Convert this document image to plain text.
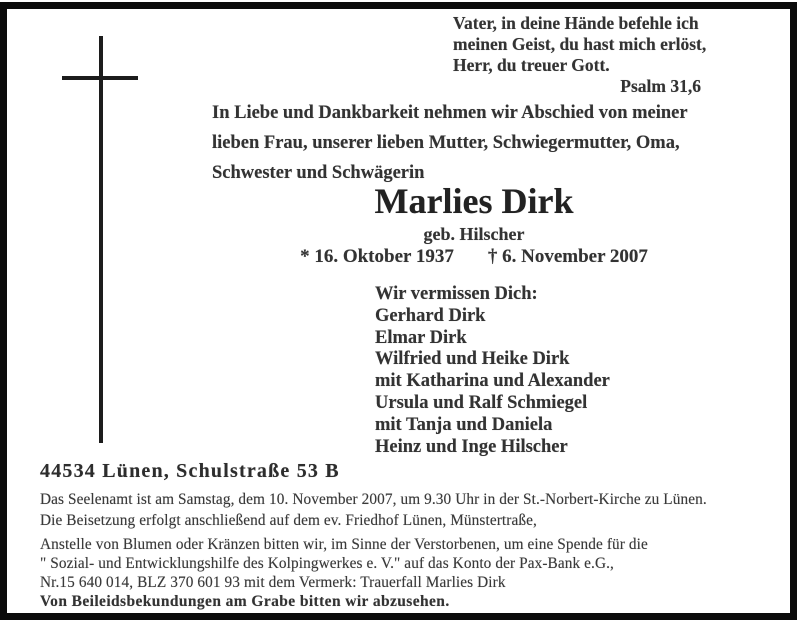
Vater, in deine Hände befehle ich
meinen Geist, du hast mich erlöst,
Herr, du treuer Gott.
Psalm 31,6
In Liebe und Dankbarkeit nehmen wir Abschied von meiner
lieben Frau, unserer lieben Mutter, Schwiegermutter, Oma,
Schwester und Schwägerin
Marlies Dirk
geb. Hilscher
* 16. Oktober 1937 † 6. November 2007
Wir vermissen Dich:
Gerhard Dirk
Elmar Dirk
Wilfried und Heike Dirk
mit Katharina und Alexander
Ursula und Ralf Schmiegel
mit Tanja und Daniela
Heinz und Inge Hilscher
44534 Lünen, Schulstraße 53 B
Das Seelenamt ist am Samstag, dem 10. November 2007, um 9.30 Uhr in der St.-Norbert-Kirche zu Lünen.
Die Beisetzung erfolgt anschließend auf dem ev. Friedhof Lünen, Münstertraße,
Anstelle von Blumen oder Kränzen bitten wir, im Sinne der Verstorbenen, um eine Spende für die
" Sozial- und Entwicklungshilfe des Kolpingwerkes e. V." auf das Konto der Pax-Bank e.G.,
Nr.15 640 014, BLZ 370 601 93 mit dem Vermerk: Trauerfall Marlies Dirk
Von Beileidsbekundungen am Grabe bitten wir abzusehen.
